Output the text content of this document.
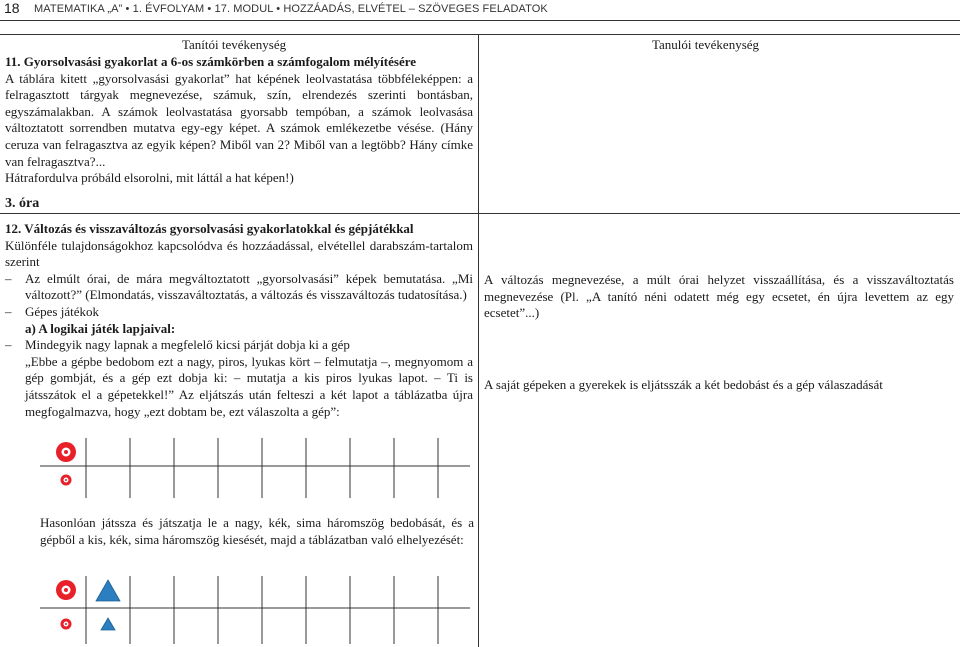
18 MATEMATIKA „A” • 1. ÉVFOLYAM • 17. MODUL • HOZZÁADÁS, ELVÉTEL – SZÖVEGES FELADATOK
Tanítói tevékenység	Tanulói tevékenység

11. Gyorsolvasási gyakorlat a 6-os számkörben a számfogalom mélyítésére

A táblára kitett „gyorsolvasási gyakorlat” hat képének leolvastatása többféleképpen: a felragasztott tárgyak megnevezése, számuk, szín, elrendezés szerinti bontásban, egyszámalakban. A számok leolvastatása gyorsabb tempóban, a számok leolvasása változtatott sorrendben mutatva egy-egy képet. A számok emlékezetbe vésése. (Hány ceruza van felragasztva az egyik képen? Miből van 2? Miből van a legtöbb? Hány címke van felragasztva?...

Hátrafordulva próbáld elsorolni, mit láttál a hat képen!)

3. óra

12. Változás és visszaváltozás gyorsolvasási gyakorlatokkal és gépjátékkal

Különféle tulajdonságokhoz kapcsolódva és hozzáadással, elvétellel darabszám-tartalom szerint

– Az elmúlt órai, de mára megváltoztatott „gyorsolvasási” képek bemutatása. „Mi változott?” (Elmondatás, visszaváltoztatás, a változás és visszaváltozás tudatosítása.)

– Gépes játékok

a) A logikai játék lapjaival:

– Mindegyik nagy lapnak a megfelelő kicsi párját dobja ki a gép

„Ebbe a gépbe bedobom ezt a nagy, piros, lyukas kört – felmutatja –, megnyomom a gép gombját, és a gép ezt dobja ki: – mutatja a kis piros lyukas lapot. – Ti is játsszátok el a gépetekkel!” Az eljátszás után felteszi a két lapot a táblázatba újra megfogalmazva, hogy „ezt dobtam be, ezt válaszolta a gép”:

A változás megnevezése, a múlt órai helyzet visszaállítása, és a visszaváltoztatás megnevezése (Pl. „A tanító néni odatett még egy ecsetet, én újra levettem az egy ecsetet”...)
A saját gépeken a gyerekek is eljátsszák a két bedobást és a gép válaszadását
Hasonlóan játssza és játszatja le a nagy, kék, sima háromszög bedobását, és a gépből a kis, kék, sima háromszög kiesését, majd a táblázatban való elhelyezését:
